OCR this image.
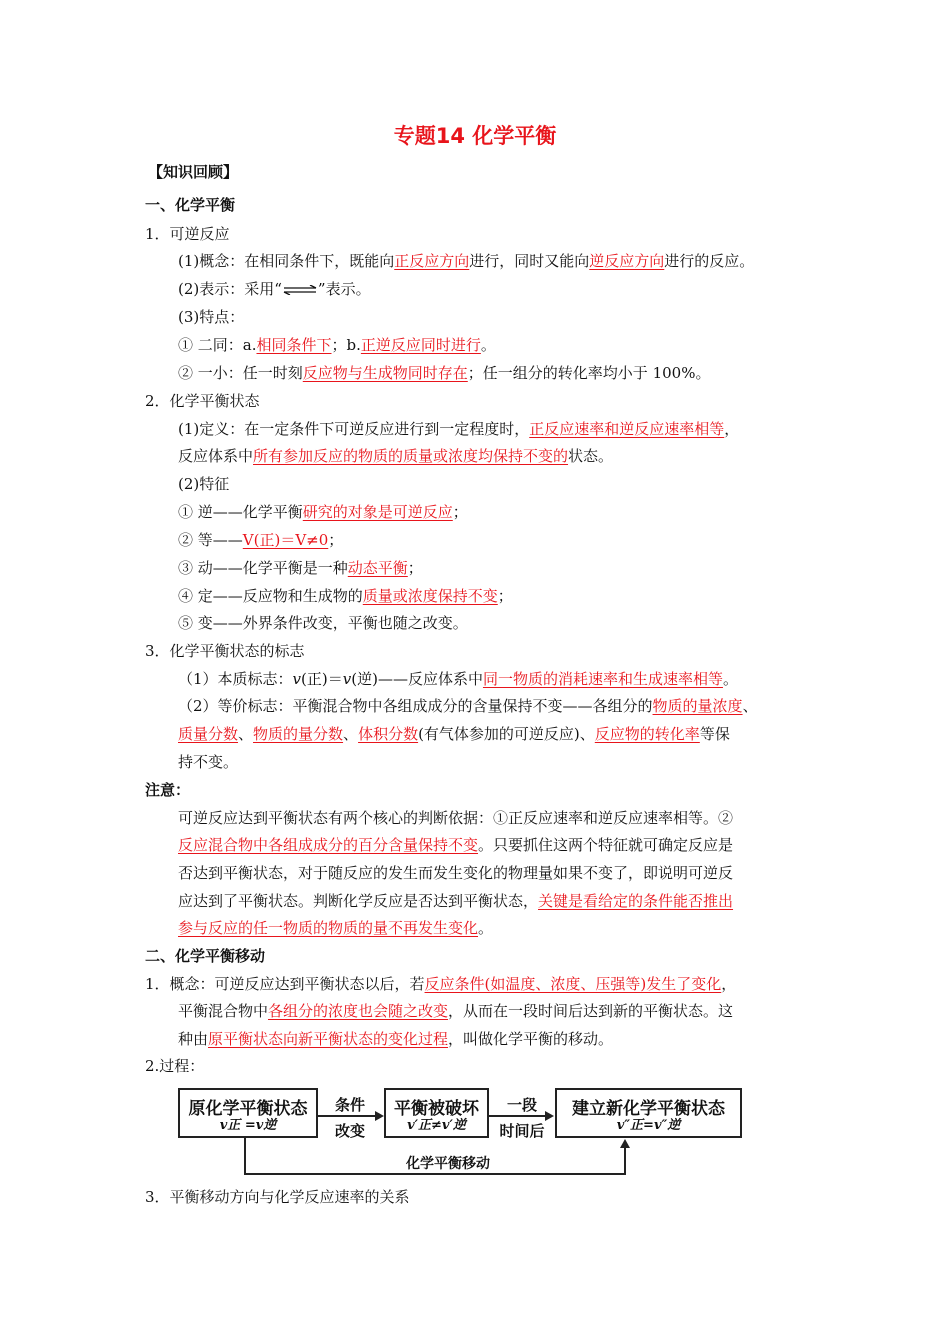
专题14 化学平衡
【知识回顾】
一、化学平衡
1．可逆反应
(1)概念：在相同条件下，既能向正反应方向进行，同时又能向逆反应方向进行的反应。
(2)表示：采用“⇌”表示。
(3)特点：
① 二同：a.相同条件下；b.正逆反应同时进行。
② 一小：任一时刻反应物与生成物同时存在；任一组分的转化率均小于 100%。
2．化学平衡状态
(1)定义：在一定条件下可逆反应进行到一定程度时，正反应速率和逆反应速率相等，
反应体系中所有参加反应的物质的质量或浓度均保持不变的状态。
(2)特征
① 逆——化学平衡研究的对象是可逆反应；
② 等——V(正)＝V≠0；
③ 动——化学平衡是一种动态平衡；
④ 定——反应物和生成物的质量或浓度保持不变；
⑤ 变——外界条件改变，平衡也随之改变。
3．化学平衡状态的标志
（1）本质标志：v(正)＝v(逆)——反应体系中同一物质的消耗速率和生成速率相等。
（2）等价标志：平衡混合物中各组成成分的含量保持不变——各组分的物质的量浓度、
质量分数、物质的量分数、体积分数(有气体参加的可逆反应)、反应物的转化率等保
持不变。
注意：
可逆反应达到平衡状态有两个核心的判断依据：①正反应速率和逆反应速率相等。②
反应混合物中各组成成分的百分含量保持不变。只要抓住这两个特征就可确定反应是
否达到平衡状态，对于随反应的发生而发生变化的物理量如果不变了，即说明可逆反
应达到了平衡状态。判断化学反应是否达到平衡状态，关键是看给定的条件能否推出
参与反应的任一物质的物质的量不再发生变化。
二、化学平衡移动
1．概念：可逆反应达到平衡状态以后，若反应条件(如温度、浓度、压强等)发生了变化，
平衡混合物中各组分的浓度也会随之改变，从而在一段时间后达到新的平衡状态。这
种由原平衡状态向新平衡状态的变化过程，叫做化学平衡的移动。
2.过程：
原化学平衡状态
v正 =v逆
条件
改变
平衡被破坏
v′正≠v′逆
一段
时间后
建立新化学平衡状态
v″正=v″逆
化学平衡移动
3．平衡移动方向与化学反应速率的关系
